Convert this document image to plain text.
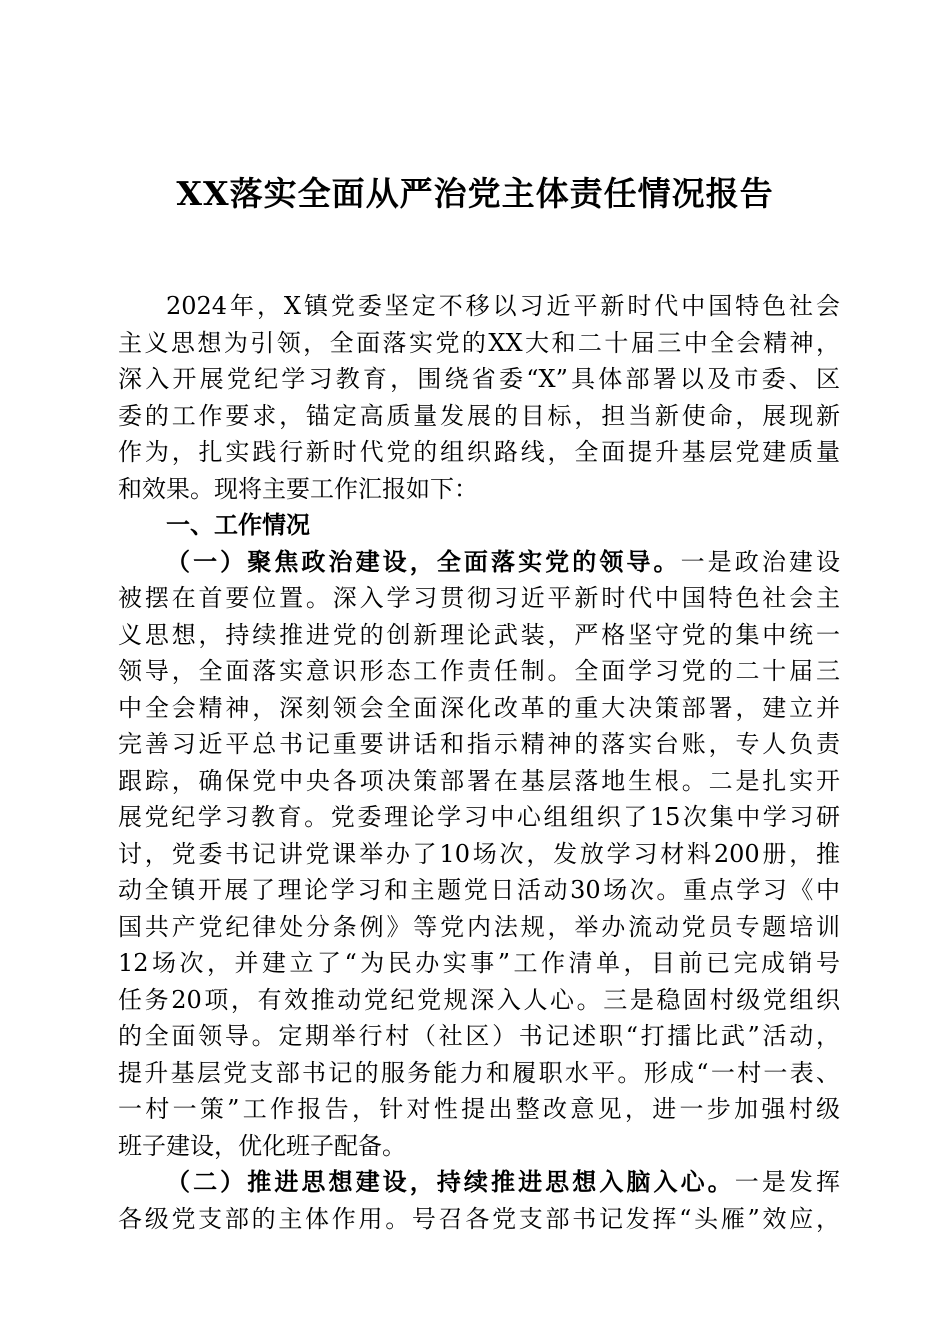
XX落实全面从严治党主体责任情况报告
2024年，X镇党委坚定不移以习近平新时代中国特色社会
主义思想为引领，全面落实党的XX大和二十届三中全会精神，
深入开展党纪学习教育，围绕省委“X”具体部署以及市委、区
委的工作要求，锚定高质量发展的目标，担当新使命，展现新
作为，扎实践行新时代党的组织路线，全面提升基层党建质量
和效果。现将主要工作汇报如下：
一、工作情况
（一）聚焦政治建设，全面落实党的领导。一是政治建设
被摆在首要位置。深入学习贯彻习近平新时代中国特色社会主
义思想，持续推进党的创新理论武装，严格坚守党的集中统一
领导，全面落实意识形态工作责任制。全面学习党的二十届三
中全会精神，深刻领会全面深化改革的重大决策部署，建立并
完善习近平总书记重要讲话和指示精神的落实台账，专人负责
跟踪，确保党中央各项决策部署在基层落地生根。二是扎实开
展党纪学习教育。党委理论学习中心组组织了15次集中学习研
讨，党委书记讲党课举办了10场次，发放学习材料200册，推
动全镇开展了理论学习和主题党日活动30场次。重点学习《中
国共产党纪律处分条例》等党内法规，举办流动党员专题培训
12场次，并建立了“为民办实事”工作清单，目前已完成销号
任务20项，有效推动党纪党规深入人心。三是稳固村级党组织
的全面领导。定期举行村（社区）书记述职“打擂比武”活动，
提升基层党支部书记的服务能力和履职水平。形成“一村一表、
一村一策”工作报告，针对性提出整改意见，进一步加强村级
班子建设，优化班子配备。
（二）推进思想建设，持续推进思想入脑入心。一是发挥
各级党支部的主体作用。号召各党支部书记发挥“头雁”效应，
